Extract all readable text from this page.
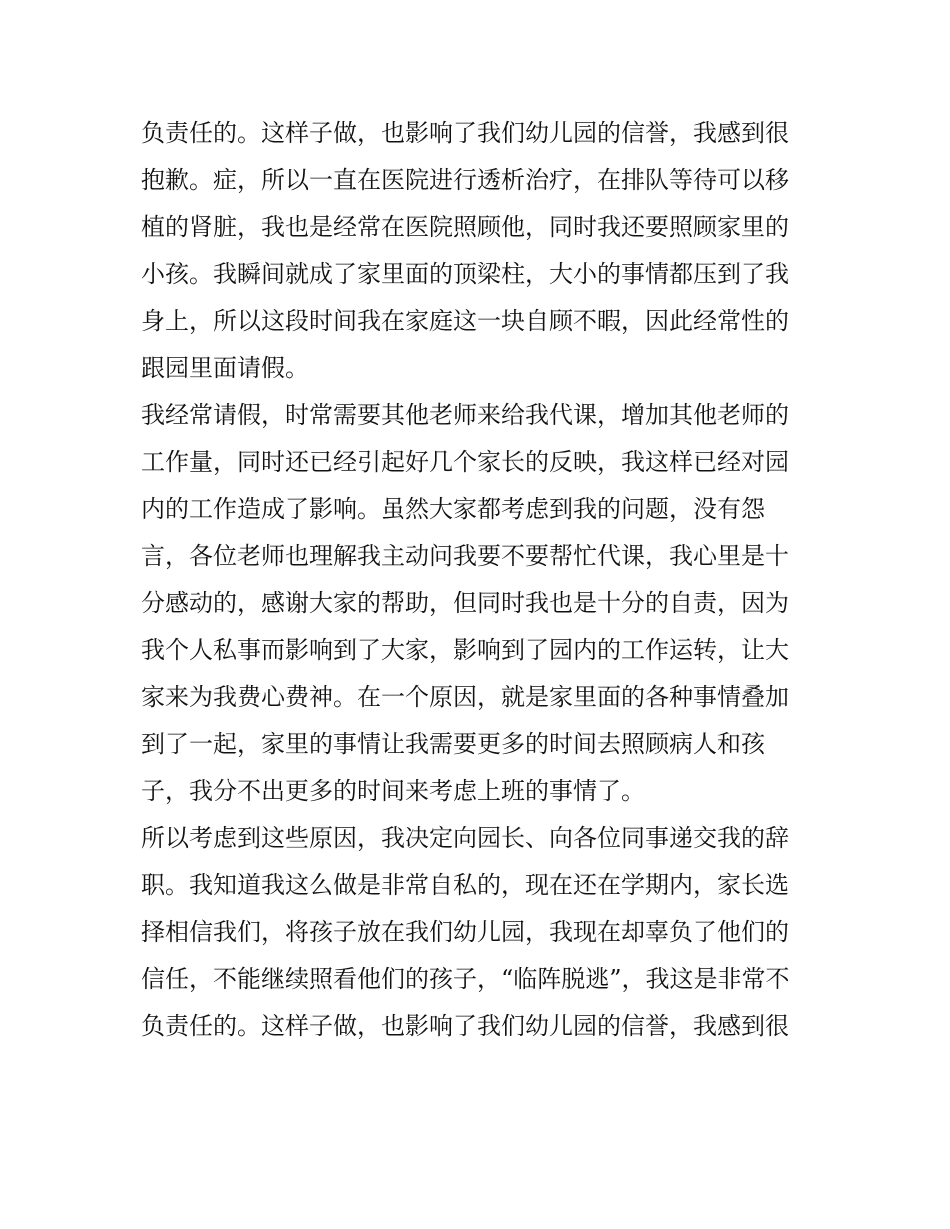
负责任的。这样子做，也影响了我们幼儿园的信誉，我感到很
抱歉。症，所以一直在医院进行透析治疗，在排队等待可以移
植的肾脏，我也是经常在医院照顾他，同时我还要照顾家里的
小孩。我瞬间就成了家里面的顶梁柱，大小的事情都压到了我
身上，所以这段时间我在家庭这一块自顾不暇，因此经常性的
跟园里面请假。
我经常请假，时常需要其他老师来给我代课，增加其他老师的
工作量，同时还已经引起好几个家长的反映，我这样已经对园
内的工作造成了影响。虽然大家都考虑到我的问题，没有怨
言，各位老师也理解我主动问我要不要帮忙代课，我心里是十
分感动的，感谢大家的帮助，但同时我也是十分的自责，因为
我个人私事而影响到了大家，影响到了园内的工作运转，让大
家来为我费心费神。在一个原因，就是家里面的各种事情叠加
到了一起，家里的事情让我需要更多的时间去照顾病人和孩
子，我分不出更多的时间来考虑上班的事情了。
所以考虑到这些原因，我决定向园长、向各位同事递交我的辞
职。我知道我这么做是非常自私的，现在还在学期内，家长选
择相信我们，将孩子放在我们幼儿园，我现在却辜负了他们的
信任，不能继续照看他们的孩子，“临阵脱逃”，我这是非常不
负责任的。这样子做，也影响了我们幼儿园的信誉，我感到很
